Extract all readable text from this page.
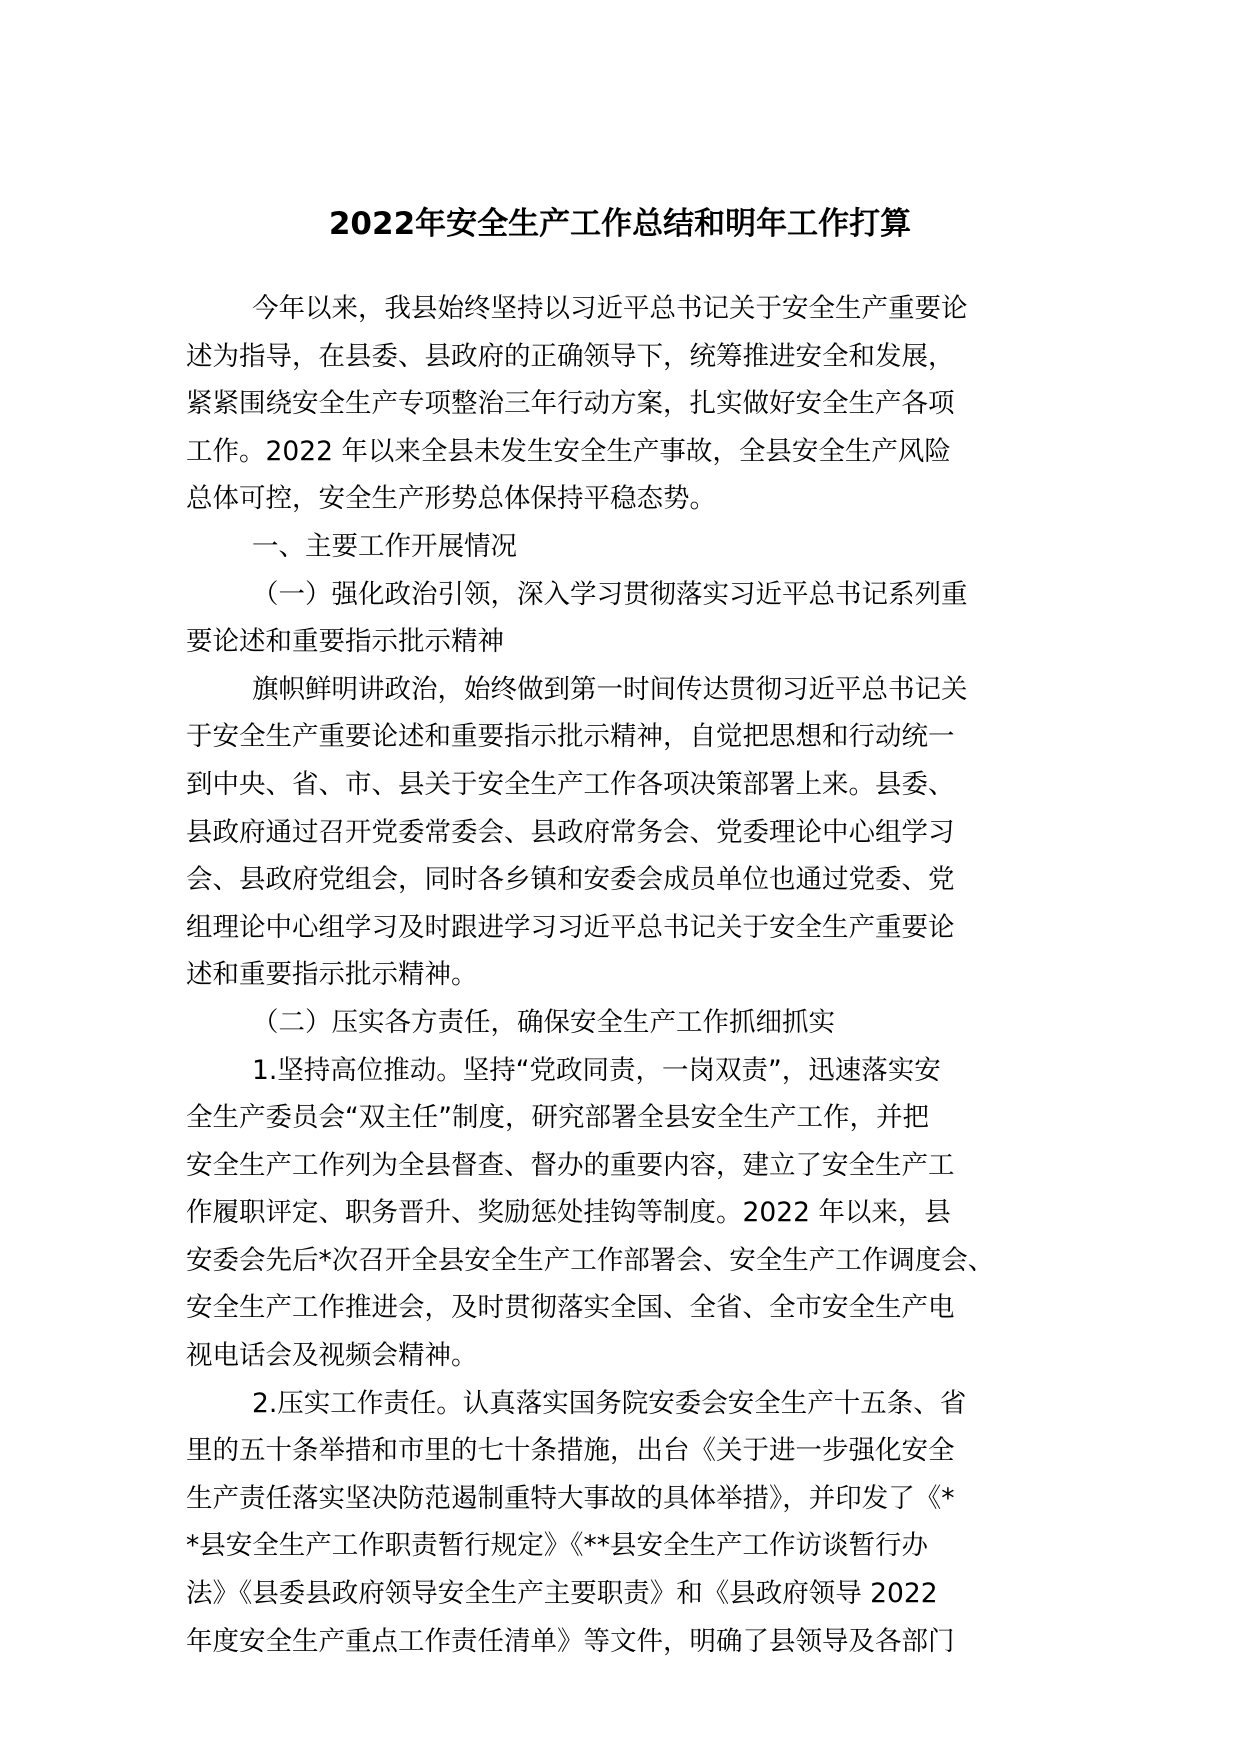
2022年安全生产工作总结和明年工作打算
今年以来，我县始终坚持以习近平总书记关于安全生产重要论
述为指导，在县委、县政府的正确领导下，统筹推进安全和发展，
紧紧围绕安全生产专项整治三年行动方案，扎实做好安全生产各项
工作。2022 年以来全县未发生安全生产事故，全县安全生产风险
总体可控，安全生产形势总体保持平稳态势。
一、主要工作开展情况
（一）强化政治引领，深入学习贯彻落实习近平总书记系列重
要论述和重要指示批示精神
旗帜鲜明讲政治，始终做到第一时间传达贯彻习近平总书记关
于安全生产重要论述和重要指示批示精神，自觉把思想和行动统一
到中央、省、市、县关于安全生产工作各项决策部署上来。县委、
县政府通过召开党委常委会、县政府常务会、党委理论中心组学习
会、县政府党组会，同时各乡镇和安委会成员单位也通过党委、党
组理论中心组学习及时跟进学习习近平总书记关于安全生产重要论
述和重要指示批示精神。
（二）压实各方责任，确保安全生产工作抓细抓实
1.坚持高位推动。坚持“党政同责，一岗双责”，迅速落实安
全生产委员会“双主任”制度，研究部署全县安全生产工作，并把
安全生产工作列为全县督查、督办的重要内容，建立了安全生产工
作履职评定、职务晋升、奖励惩处挂钩等制度。2022 年以来，县
安委会先后*次召开全县安全生产工作部署会、安全生产工作调度会、
安全生产工作推进会，及时贯彻落实全国、全省、全市安全生产电
视电话会及视频会精神。
2.压实工作责任。认真落实国务院安委会安全生产十五条、省
里的五十条举措和市里的七十条措施，出台《关于进一步强化安全
生产责任落实坚决防范遏制重特大事故的具体举措》，并印发了《*
*县安全生产工作职责暂行规定》《**县安全生产工作访谈暂行办
法》《县委县政府领导安全生产主要职责》和《县政府领导 2022
年度安全生产重点工作责任清单》等文件，明确了县领导及各部门
